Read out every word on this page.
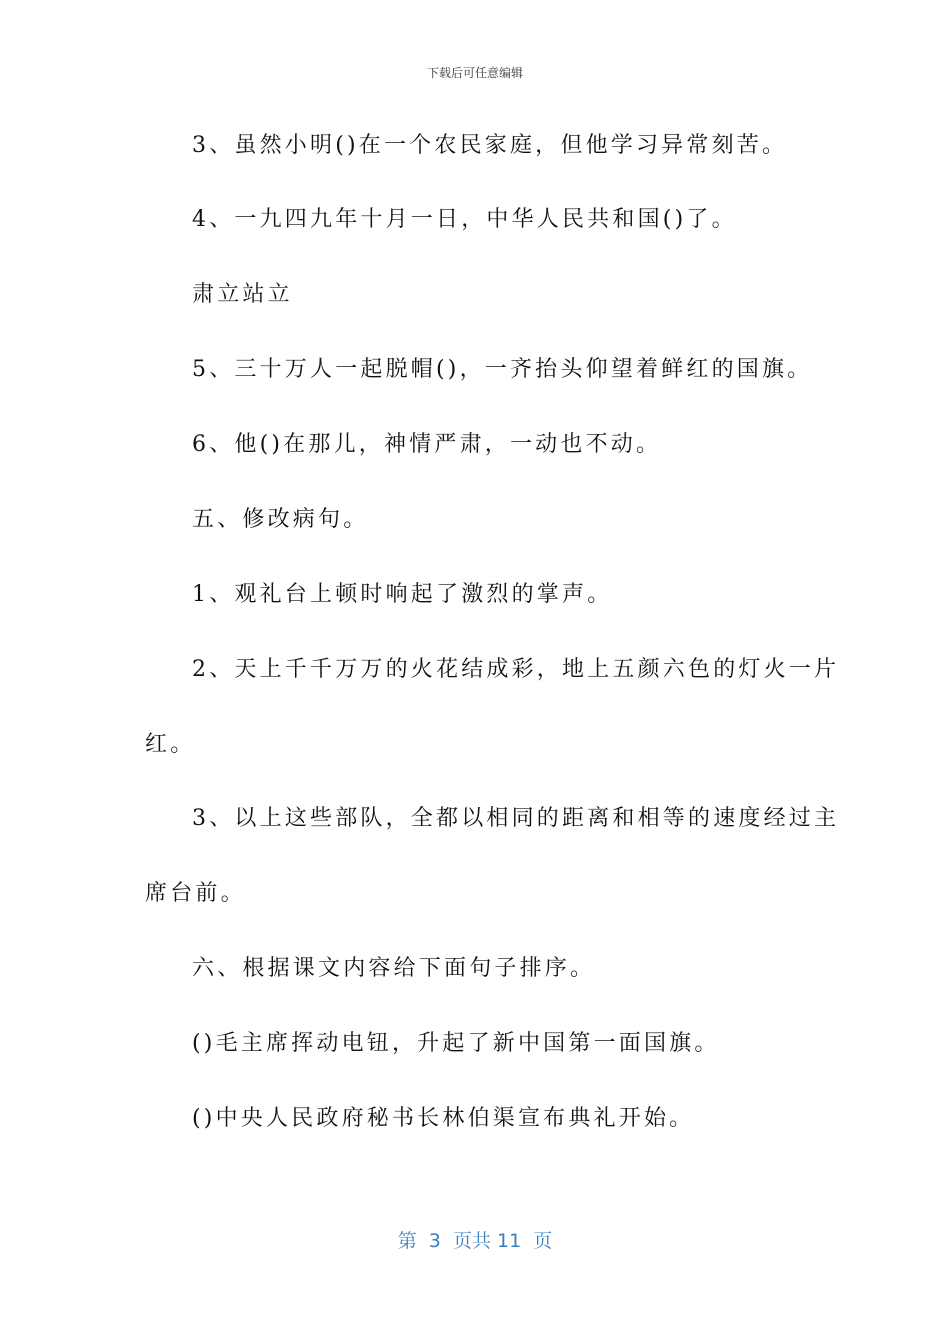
下载后可任意编辑
3、虽然小明()在一个农民家庭，但他学习异常刻苦。
4、一九四九年十月一日，中华人民共和国()了。
肃立站立
5、三十万人一起脱帽()，一齐抬头仰望着鲜红的国旗。
6、他()在那儿，神情严肃，一动也不动。
五、修改病句。
1、观礼台上顿时响起了激烈的掌声。
2、天上千千万万的火花结成彩，地上五颜六色的灯火一片
红。
3、以上这些部队，全都以相同的距离和相等的速度经过主
席台前。
六、根据课文内容给下面句子排序。
()毛主席挥动电钮，升起了新中国第一面国旗。
()中央人民政府秘书长林伯渠宣布典礼开始。
第  3  页共 11  页
